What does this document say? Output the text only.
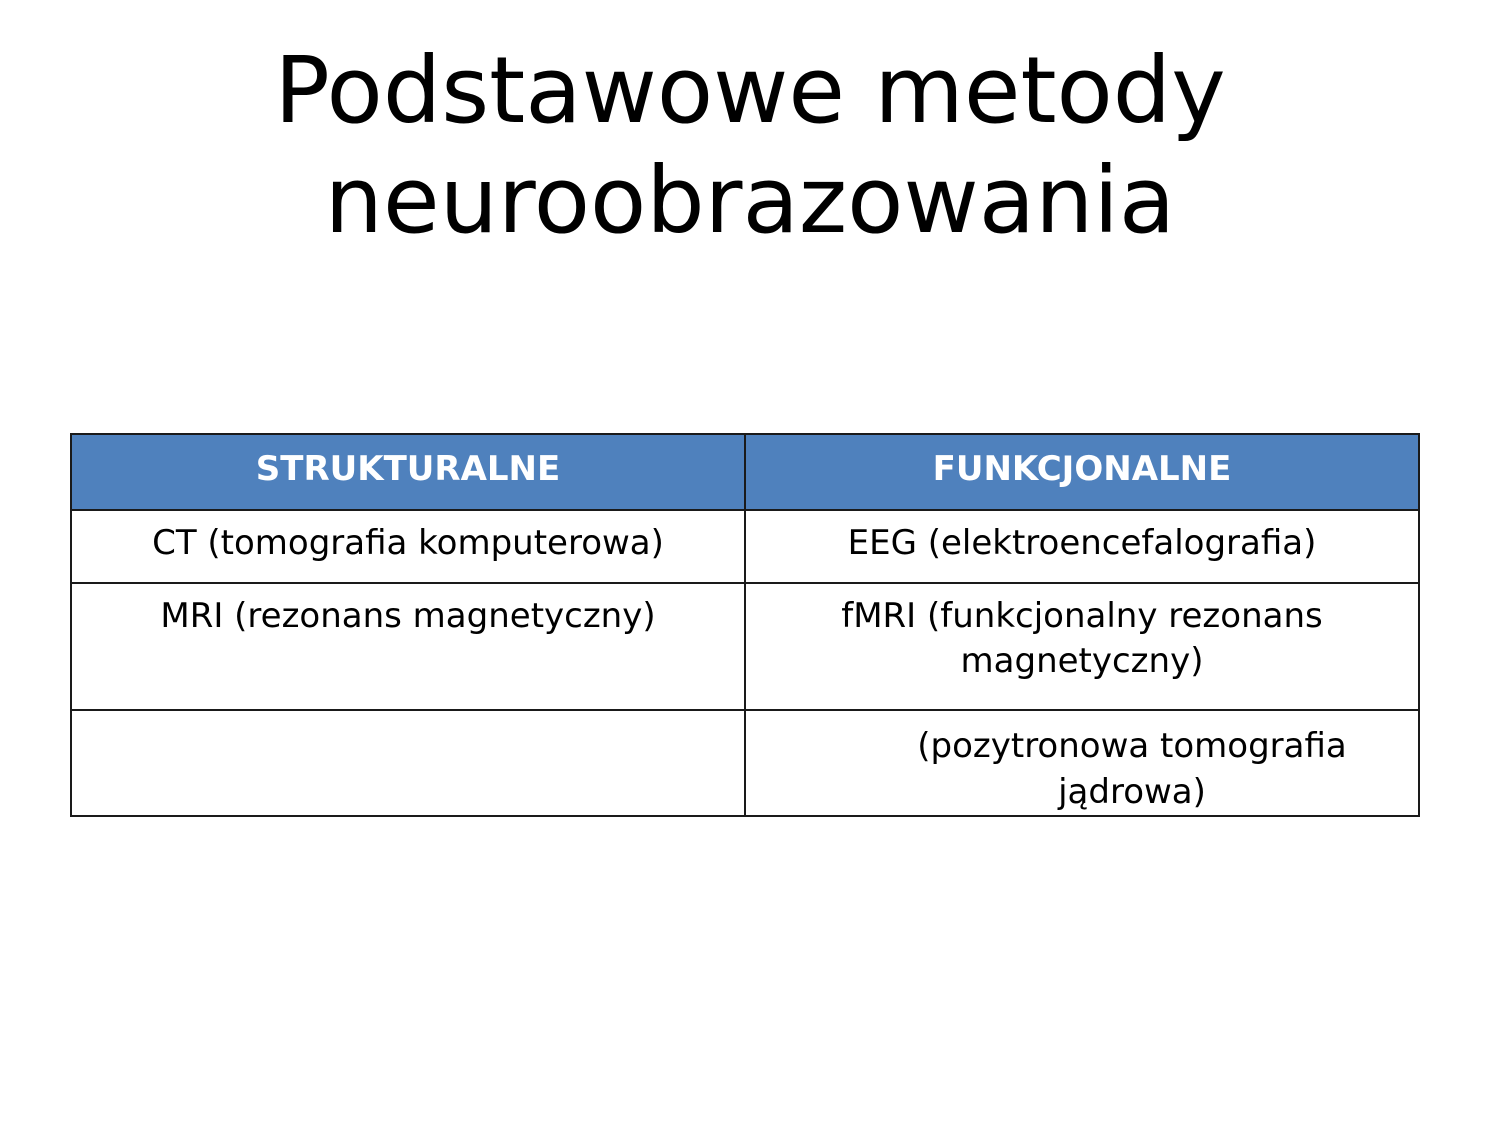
Podstawowe metody
neuroobrazowania
STRUKTURALNE	FUNKCJONALNE
CT (tomografia komputerowa)	EEG (elektroencefalografia)
MRI (rezonans magnetyczny)	fMRI (funkcjonalny rezonans magnetyczny)

	(pozytronowa tomografia jądrowa)
